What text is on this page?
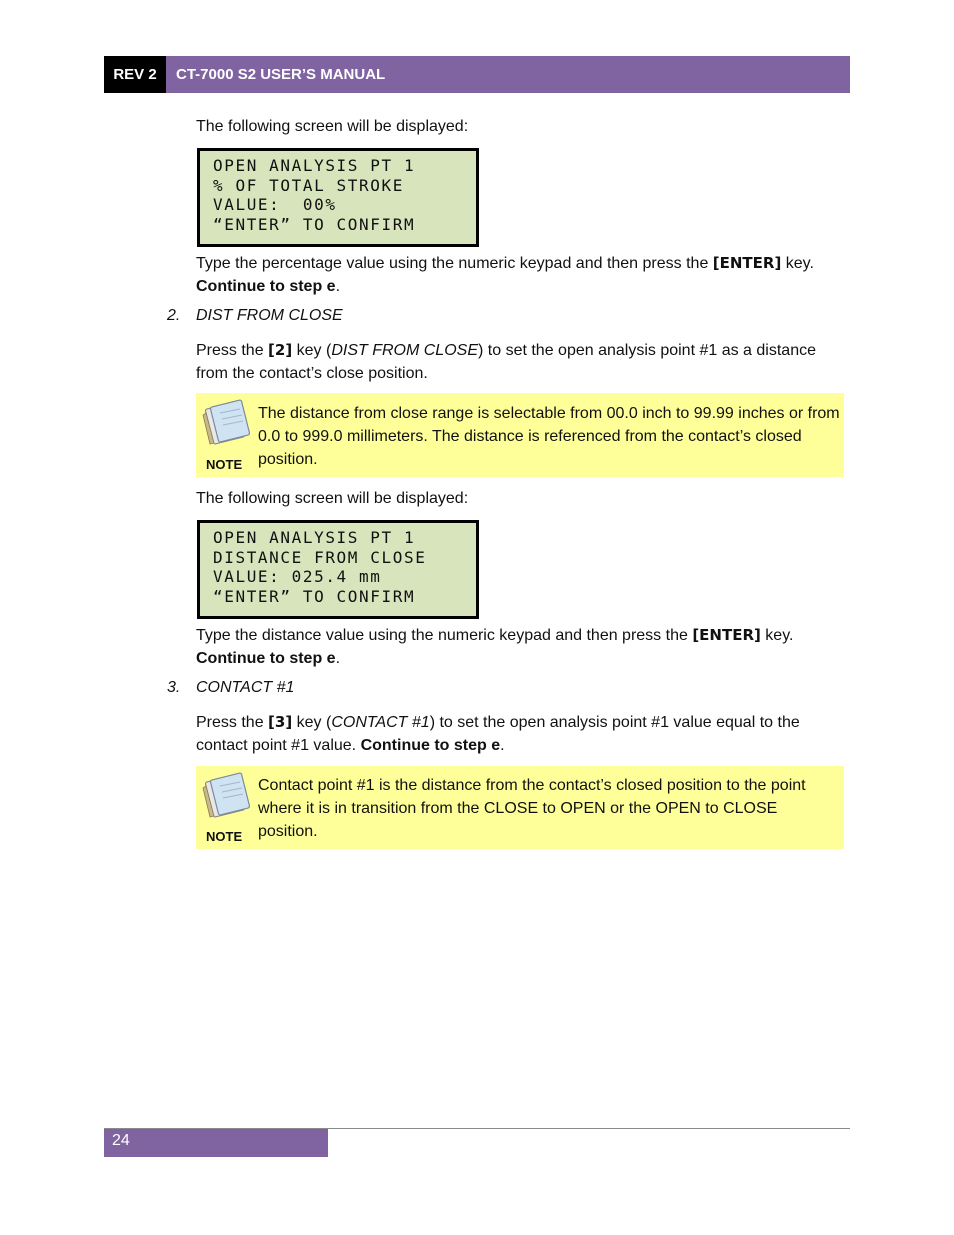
REV 2	CT-7000 S2 USER’S MANUAL
The following screen will be displayed:
OPEN ANALYSIS PT 1
% OF TOTAL STROKE
VALUE:  00%
“ENTER” TO CONFIRM
Type the percentage value using the numeric keypad and then press the [ENTER] key. Continue to step e.
2. DIST FROM CLOSE
Press the [2] key (DIST FROM CLOSE) to set the open analysis point #1 as a distance from the contact’s close position.
NOTE
The distance from close range is selectable from 00.0 inch to 99.99 inches or from 0.0 to 999.0 millimeters. The distance is referenced from the contact’s closed position.
The following screen will be displayed:
OPEN ANALYSIS PT 1
DISTANCE FROM CLOSE
VALUE: 025.4 mm
“ENTER” TO CONFIRM
Type the distance value using the numeric keypad and then press the [ENTER] key. Continue to step e.
3. CONTACT #1
Press the [3] key (CONTACT #1) to set the open analysis point #1 value equal to the contact point #1 value. Continue to step e.
NOTE
Contact point #1 is the distance from the contact’s closed position to the point where it is in transition from the CLOSE to OPEN or the OPEN to CLOSE position.
24
